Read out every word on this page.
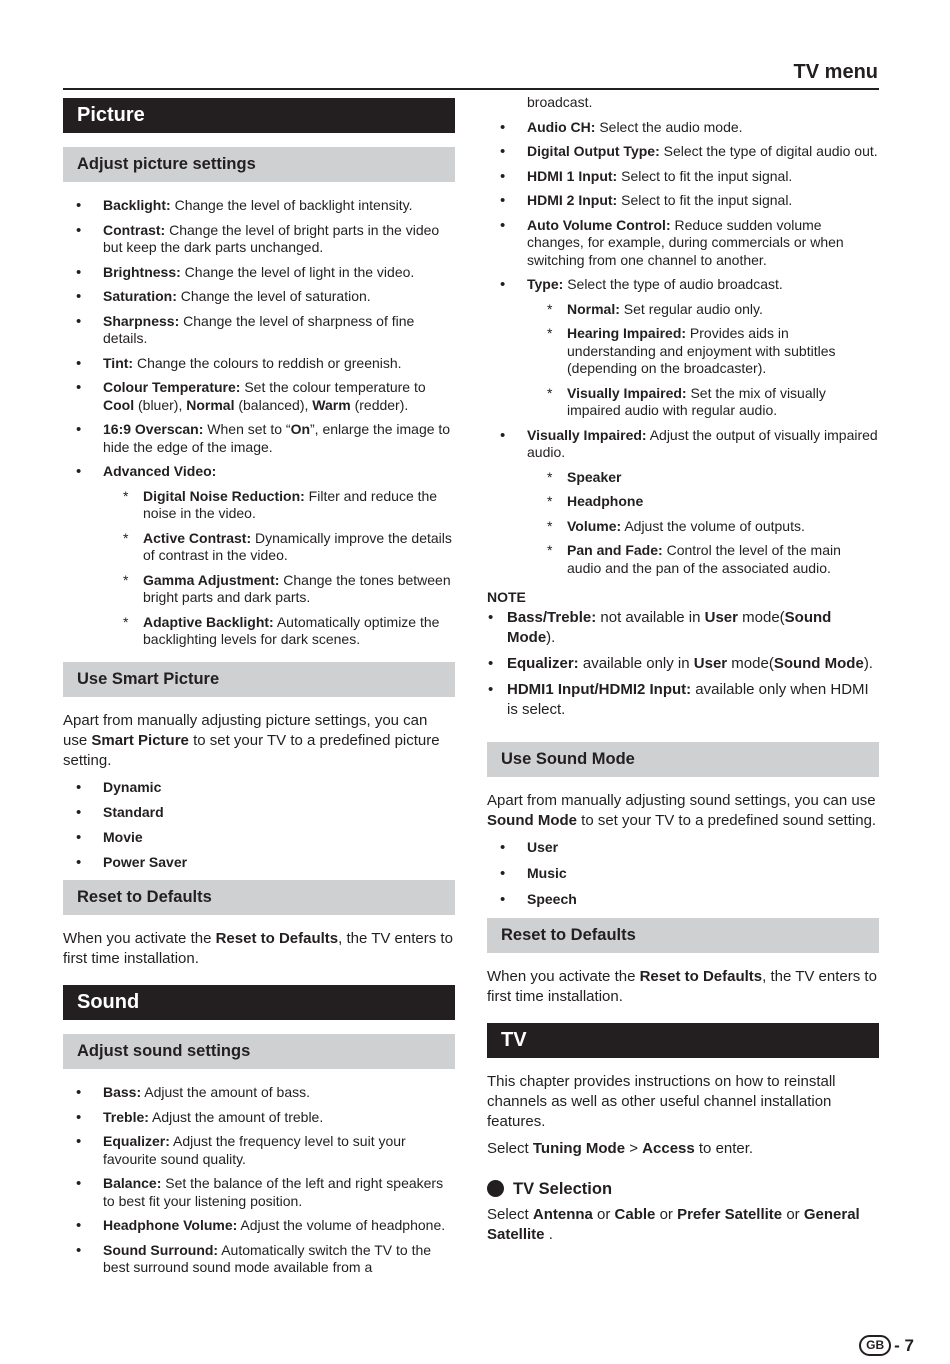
TV menu
Picture
Adjust picture settings
• Backlight: Change the level of backlight intensity.
• Contrast: Change the level of bright parts in the video but keep the dark parts unchanged.
• Brightness: Change the level of light in the video.
• Saturation: Change the level of saturation.
• Sharpness: Change the level of sharpness of fine details.
• Tint: Change the colours to reddish or greenish.
• Colour Temperature: Set the colour temperature to Cool (bluer), Normal (balanced), Warm (redder).
• 16:9 Overscan: When set to “On”, enlarge the image to hide the edge of the image.
• Advanced Video:
* Digital Noise Reduction: Filter and reduce the noise in the video.
* Active Contrast: Dynamically improve the details of contrast in the video.
* Gamma Adjustment: Change the tones between bright parts and dark parts.
* Adaptive Backlight: Automatically optimize the backlighting levels for dark scenes.
Use Smart Picture

Apart from manually adjusting picture settings, you can use Smart Picture to set your TV to a predefined picture setting.

• Dynamic
• Standard
• Movie
• Power Saver
Reset to Defaults

When you activate the Reset to Defaults, the TV enters to first time installation.

Sound
Adjust sound settings
• Bass: Adjust the amount of bass.
• Treble: Adjust the amount of treble.
• Equalizer: Adjust the frequency level to suit your favourite sound quality.
• Balance: Set the balance of the left and right speakers to best fit your listening position.
• Headphone Volume: Adjust the volume of headphone.
• Sound Surround: Automatically switch the TV to the best surround sound mode available from a

broadcast.

• Audio CH: Select the audio mode.
• Digital Output Type: Select the type of digital audio out.
• HDMI 1 Input: Select to fit the input signal.
• HDMI 2 Input: Select to fit the input signal.
• Auto Volume Control: Reduce sudden volume changes, for example, during commercials or when switching from one channel to another.
• Type: Select the type of audio broadcast.
* Normal: Set regular audio only.
* Hearing Impaired: Provides aids in understanding and enjoyment with subtitles (depending on the broadcaster).
* Visually Impaired: Set the mix of visually impaired audio with regular audio.
• Visually Impaired: Adjust the output of visually impaired audio.
* Speaker
* Headphone
* Volume: Adjust the volume of outputs.
* Pan and Fade: Control the level of the main audio and the pan of the associated audio.
NOTE
• Bass/Treble: not available in User mode(Sound Mode).
• Equalizer: available only in User mode(Sound Mode).
• HDMI1 Input/HDMI2 Input: available only when HDMI is select.
Use Sound Mode

Apart from manually adjusting sound settings, you can use Sound Mode to set your TV to a predefined sound setting.

• User
• Music
• Speech
Reset to Defaults

When you activate the Reset to Defaults, the TV enters to first time installation.

TV

This chapter provides instructions on how to reinstall channels as well as other useful channel installation features.

Select Tuning Mode > Access to enter.

TV Selection

Select Antenna or Cable or Prefer Satellite or General Satellite .

GB - 7
